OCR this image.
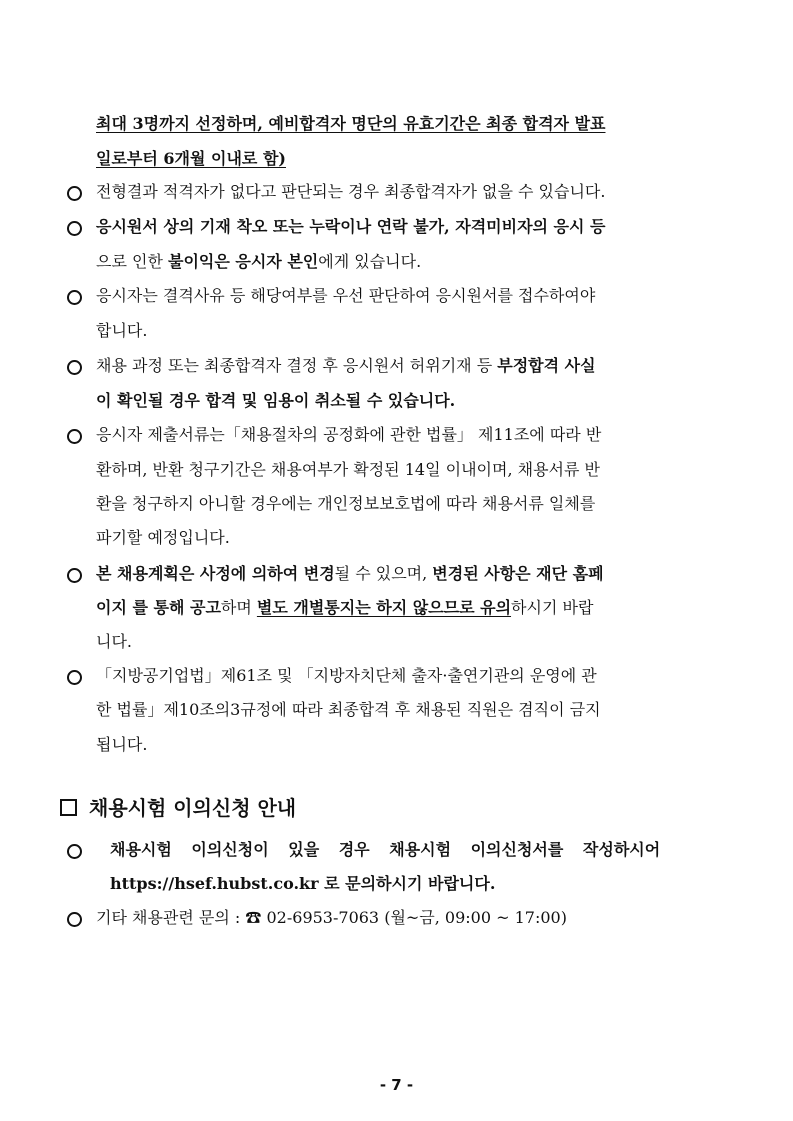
최대 3명까지 선정하며, 예비합격자 명단의 유효기간은 최종 합격자 발표
일로부터 6개월 이내로 함)
전형결과 적격자가 없다고 판단되는 경우 최종합격자가 없을 수 있습니다.
응시원서 상의 기재 착오 또는 누락이나 연락 불가, 자격미비자의 응시 등
으로 인한 불이익은 응시자 본인에게 있습니다.
응시자는 결격사유 등 해당여부를 우선 판단하여 응시원서를 접수하여야
합니다.
채용 과정 또는 최종합격자 결정 후 응시원서 허위기재 등 부정합격 사실
이 확인될 경우 합격 및 임용이 취소될 수 있습니다.
응시자 제출서류는「채용절차의 공정화에 관한 법률」 제11조에 따라 반
환하며, 반환 청구기간은 채용여부가 확정된 14일 이내이며, 채용서류 반
환을 청구하지 아니할 경우에는 개인정보보호법에 따라 채용서류 일체를
파기할 예정입니다.
본 채용계획은 사정에 의하여 변경될 수 있으며, 변경된 사항은 재단 홈페
이지 를 통해 공고하며 별도 개별통지는 하지 않으므로 유의하시기 바랍
니다.
「지방공기업법」제61조 및 「지방자치단체 출자·출연기관의 운영에 관
한 법률」제10조의3규정에 따라 최종합격 후 채용된 직원은 겸직이 금지
됩니다.
채용시험 이의신청 안내
채용시험 이의신청이 있을 경우 채용시험 이의신청서를 작성하시어
https://hsef.hubst.co.kr 로 문의하시기 바랍니다.
기타 채용관련 문의 : ☎ 02-6953-7063 (월~금, 09:00 ~ 17:00)
- 7 -
